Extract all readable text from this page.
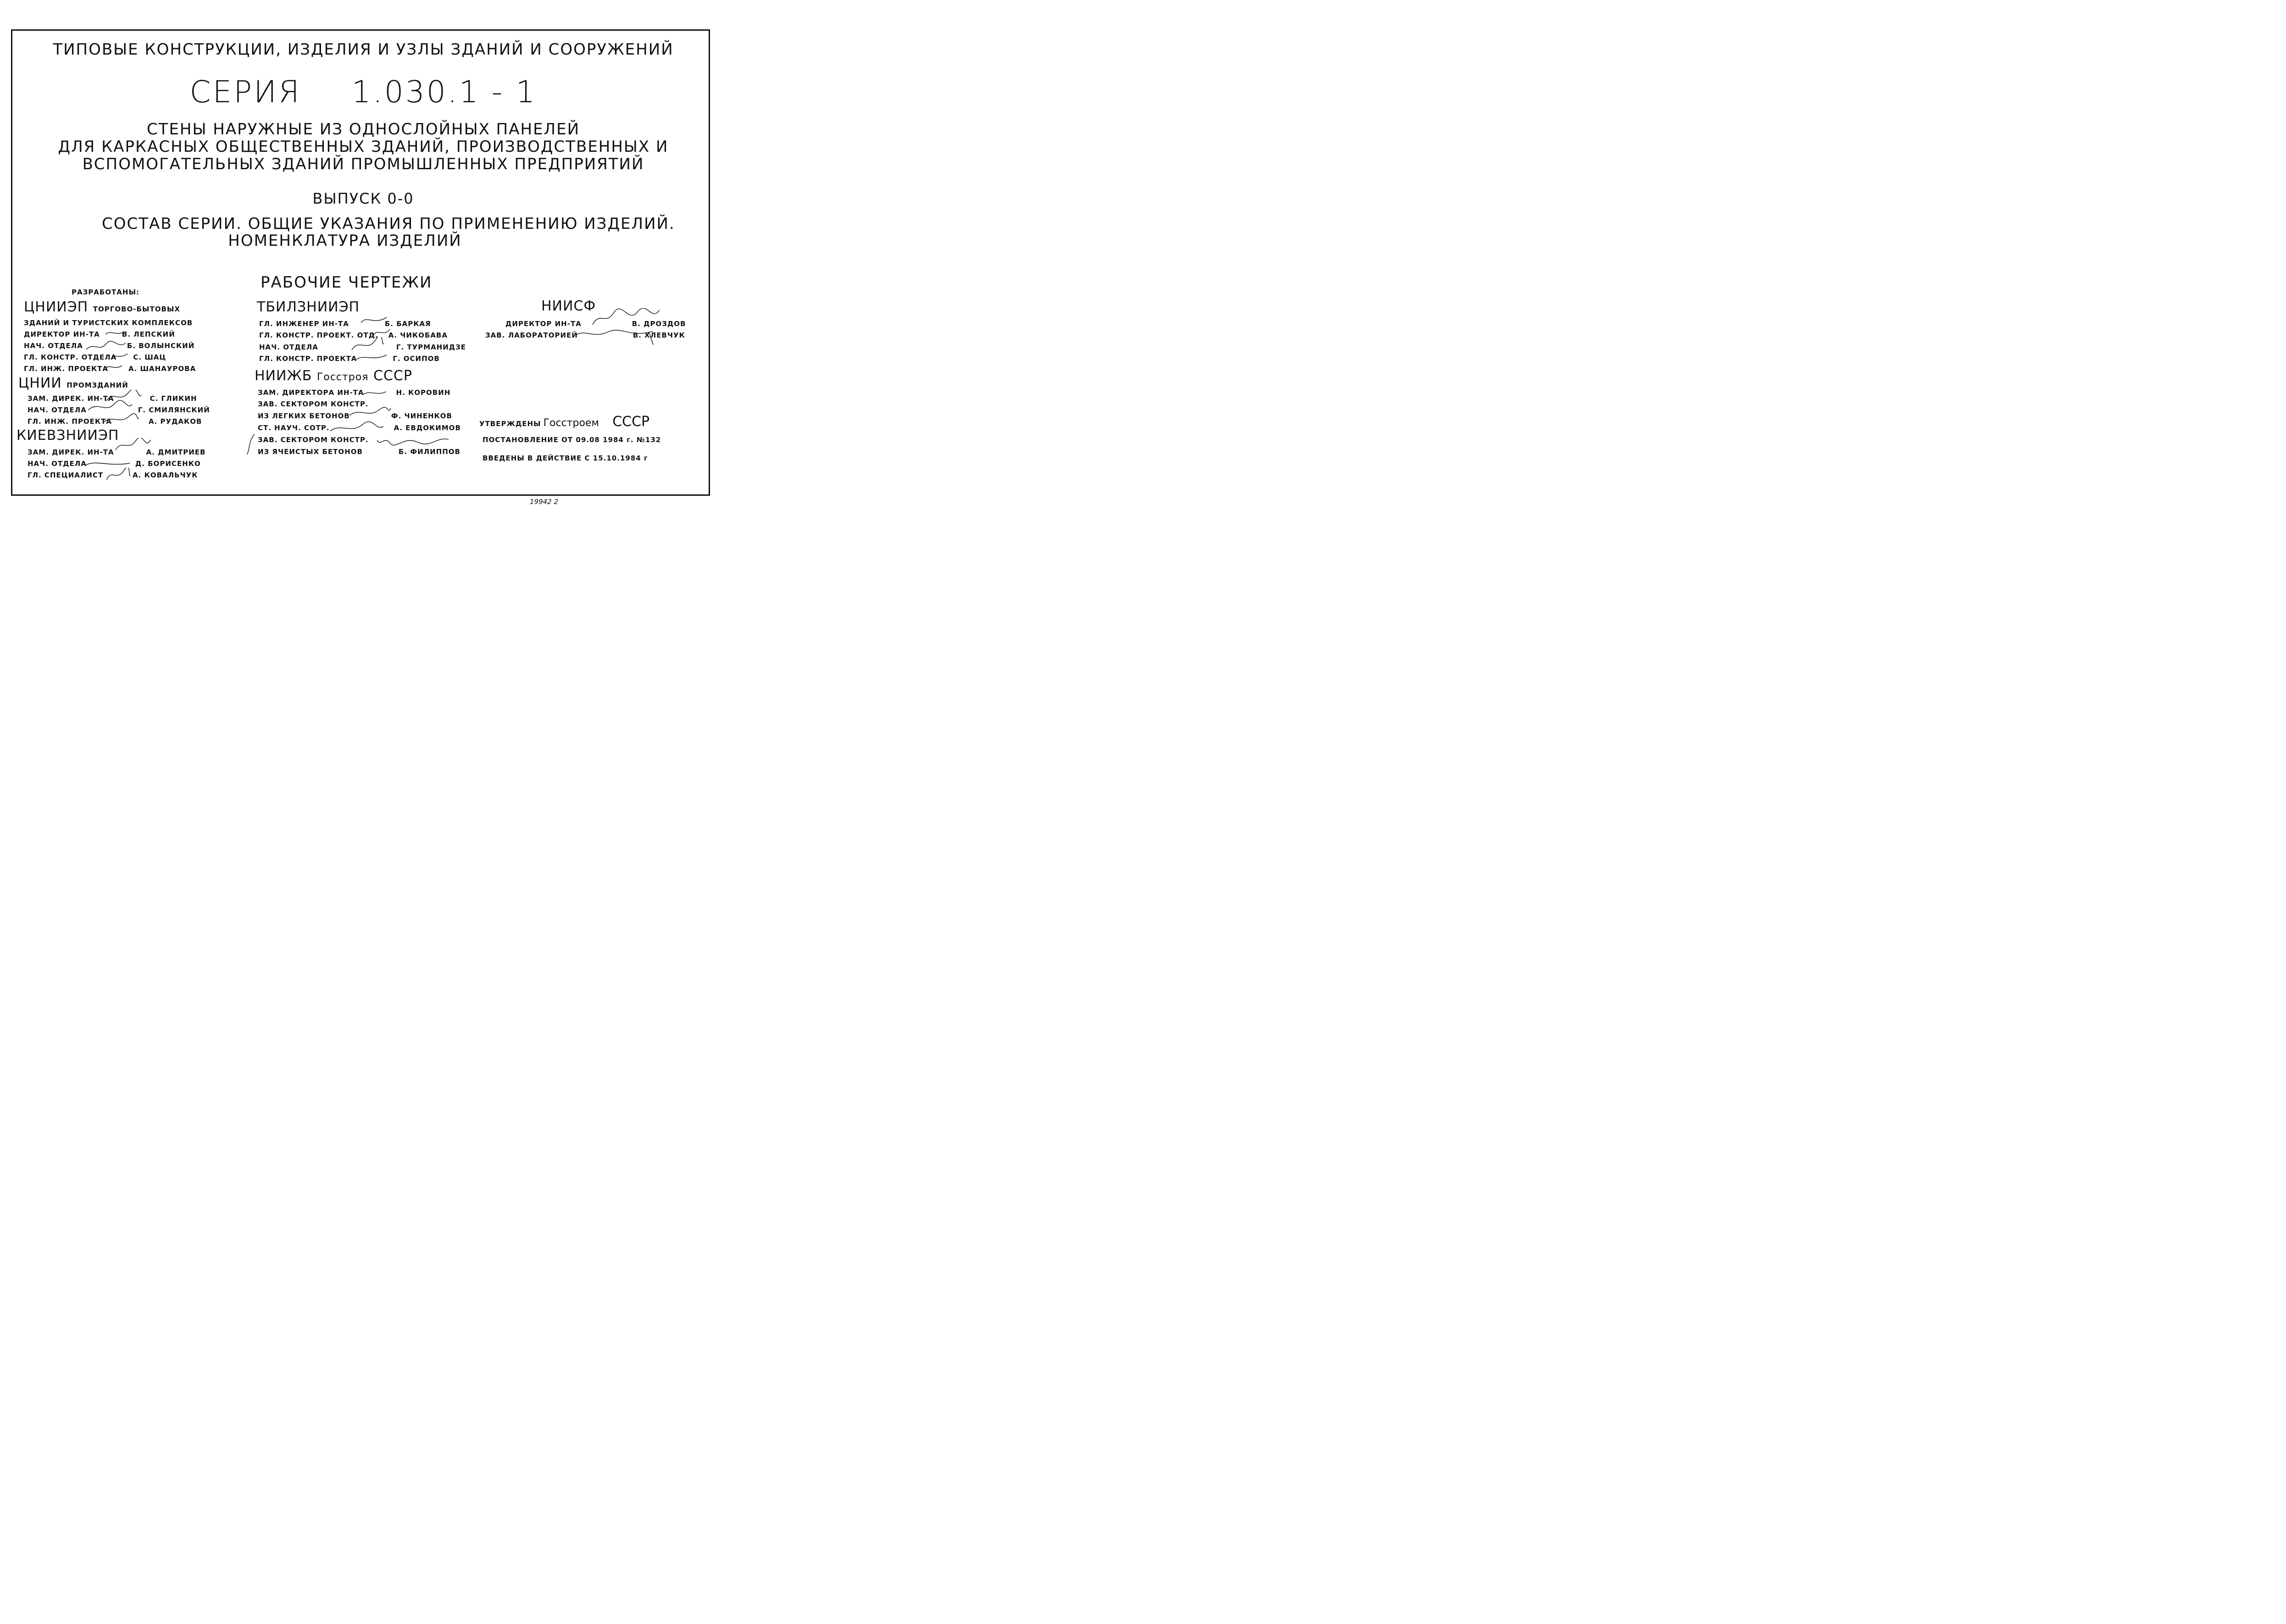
ТИПОВЫЕ КОНСТРУКЦИИ, ИЗДЕЛИЯ И УЗЛЫ ЗДАНИЙ И СООРУЖЕНИЙ
СЕРИЯ 1.030.1 - 1
СТЕНЫ НАРУЖНЫЕ ИЗ ОДНОСЛОЙНЫХ ПАНЕЛЕЙ
ДЛЯ КАРКАСНЫХ ОБЩЕСТВЕННЫХ ЗДАНИЙ, ПРОИЗВОДСТВЕННЫХ И
ВСПОМОГАТЕЛЬНЫХ ЗДАНИЙ ПРОМЫШЛЕННЫХ ПРЕДПРИЯТИЙ
ВЫПУСК 0-0
СОСТАВ СЕРИИ. ОБЩИЕ УКАЗАНИЯ ПО ПРИМЕНЕНИЮ ИЗДЕЛИЙ.
НОМЕНКЛАТУРА ИЗДЕЛИЙ
РАБОЧИЕ ЧЕРТЕЖИ
РАЗРАБОТАНЫ:
ЦНИИЭП ТОРГОВО-БЫТОВЫХ
ЗДАНИЙ И ТУРИСТСКИХ КОМПЛЕКСОВ
ДИРЕКТОР ИН-ТА	В. ЛЕПСКИЙ
НАЧ. ОТДЕЛА	Б. ВОЛЫНСКИЙ
ГЛ. КОНСТР. ОТДЕЛА С. ШАЦ
ГЛ. ИНЖ. ПРОЕКТА	А. ШАНАУРОВА
ЦНИИ ПРОМЗДАНИЙ
ЗАМ. ДИРЕК. ИН-ТА	С. ГЛИКИН
НАЧ. ОТДЕЛА	Г. СМИЛЯНСКИЙ
ГЛ. ИНЖ. ПРОЕКТА	А. РУДАКОВ
КИЕВЗНИИЭП
ЗАМ. ДИРЕК. ИН-ТА	А. ДМИТРИЕВ
НАЧ. ОТДЕЛА	Д. БОРИСЕНКО
ГЛ. СПЕЦИАЛИСТ	А. КОВАЛЬЧУК
ТБИЛЗНИИЭП
ГЛ. ИНЖЕНЕР ИН-ТА	Б. БАРКАЯ
ГЛ. КОНСТР. ПРОЕКТ. ОТД. А. ЧИКОБАВА
НАЧ. ОТДЕЛА	Г. ТУРМАНИДЗЕ
ГЛ. КОНСТР. ПРОЕКТА	Г. ОСИПОВ
НИИЖБ Госстроя СССР
ЗАМ. ДИРЕКТОРА ИН-ТА	Н. КОРОВИН
ЗАВ. СЕКТОРОМ КОНСТР.
ИЗ ЛЕГКИХ БЕТОНОВ	Ф. ЧИНЕНКОВ
СТ. НАУЧ. СОТР.	А. ЕВДОКИМОВ
ЗАВ. СЕКТОРОМ КОНСТР.
ИЗ ЯЧЕИСТЫХ БЕТОНОВ	Б. ФИЛИППОВ
НИИСФ
ДИРЕКТОР ИН-ТА	В. ДРОЗДОВ
ЗАВ. ЛАБОРАТОРИЕЙ	В. ХЛЕВЧУК
УТВЕРЖДЕНЫ Госстроем СССР
ПОСТАНОВЛЕНИЕ ОТ 09.08 1984 г. №132
ВВЕДЕНЫ В ДЕЙСТВИЕ С 15.10.1984 г
19942 2
